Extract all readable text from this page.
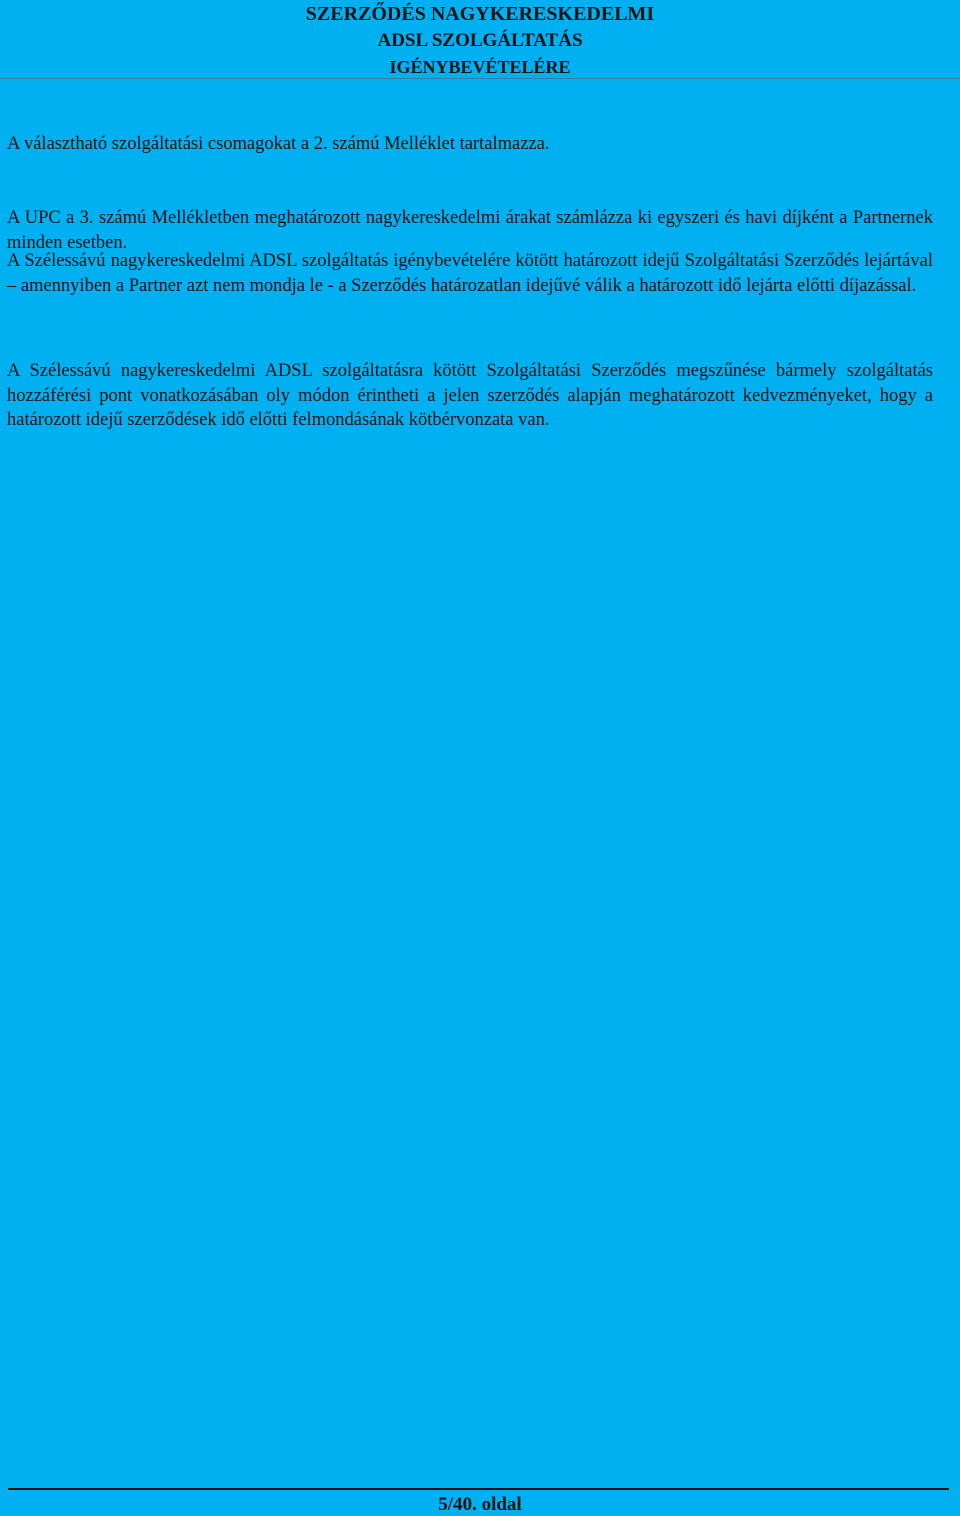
SZERZŐDÉS NAGYKERESKEDELMI
ADSL SZOLGÁLTATÁS
IGÉNYBEVÉTELÉRE

A választható szolgáltatási csomagokat a 2. számú Melléklet tartalmazza.

A UPC a 3. számú Mellékletben meghatározott nagykereskedelmi árakat számlázza ki egyszeri és havi díjként a Partnernek minden esetben.

A Szélessávú nagykereskedelmi ADSL szolgáltatás igénybevételére kötött határozott idejű Szolgáltatási Szerződés lejártával – amennyiben a Partner azt nem mondja le - a Szerződés határozatlan idejűvé válik a határozott idő lejárta előtti díjazással.

A Szélessávú nagykereskedelmi ADSL szolgáltatásra kötött Szolgáltatási Szerződés megszűnése bármely szolgáltatás hozzáférési pont vonatkozásában oly módon érintheti a jelen szerződés alapján meghatározott kedvezményeket, hogy a határozott idejű szerződések idő előtti felmondásának kötbérvonzata van.

5/40. oldal
